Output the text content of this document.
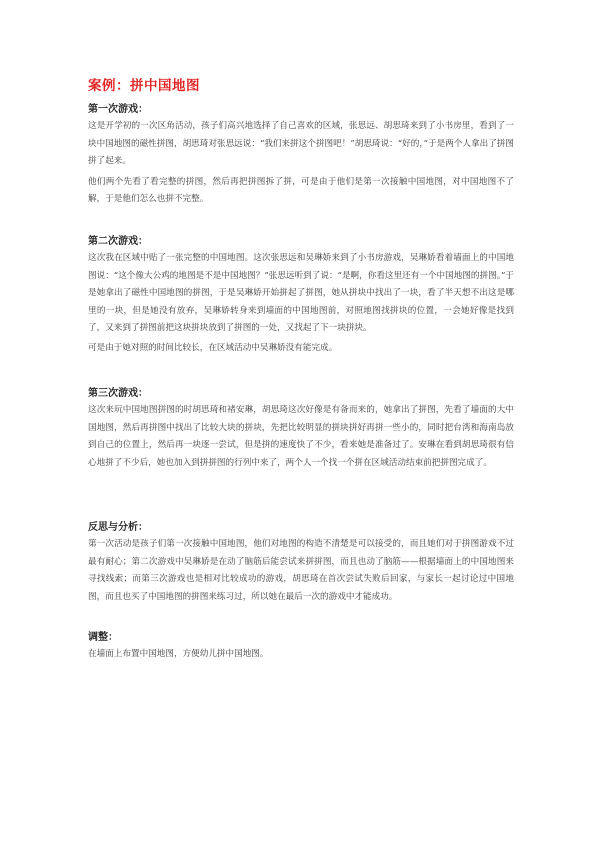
案例：拼中国地图

第一次游戏：

这是开学初的一次区角活动，孩子们高兴地选择了自己喜欢的区域，张思远、胡思琦来到了小书房里，看到了一块中国地图的磁性拼图，胡思琦对张思远说：“我们来拼这个拼图吧！”胡思琦说：“好的，”于是两个人拿出了拼图拼了起来。

他们两个先看了看完整的拼图，然后再把拼图拆了拼，可是由于他们是第一次接触中国地图，对中国地图不了解，于是他们怎么也拼不完整。

第二次游戏：

这次我在区域中贴了一张完整的中国地图。这次张思远和吴琳娇来到了小书房游戏，吴琳娇看着墙面上的中国地图说：“这个像大公鸡的地图是不是中国地图？”张思远听到了说：“是啊，你看这里还有一个中国地图的拼图。”于是她拿出了磁性中国地图的拼图，于是吴琳娇开始拼起了拼图，她从拼块中找出了一块，看了半天想不出这是哪里的一块，但是她没有放弃，吴琳娇转身来到墙面的中国地图前，对照地图找拼块的位置，一会她好像是找到了，又来到了拼图前把这块拼块放到了拼图的一处，又找起了下一块拼块。

可是由于她对照的时间比较长，在区域活动中吴琳娇没有能完成。

第三次游戏：

这次来玩中国地图拼图的时胡思琦和褚安琳，胡思琦这次好像是有备而来的，她拿出了拼图，先看了墙面的大中国地图，然后再拼图中找出了比较大块的拼块，先把比较明显的拼块拼好再拼一些小的，同时把台湾和海南岛放到自己的位置上，然后再一块逐一尝试，但是拼的速度快了不少，看来她是准备过了。安琳在看到胡思琦很有信心地拼了不少后，她也加入到拼拼图的行列中来了，两个人一个找一个拼在区域活动结束前把拼图完成了。

反思与分析：

第一次活动是孩子们第一次接触中国地图，他们对地图的构造不清楚是可以接受的，而且她们对于拼图游戏不过最有耐心；第二次游戏中吴琳娇是在动了脑筋后能尝试来拼拼图，而且也动了脑筋——根据墙面上的中国地图来寻找线索；而第三次游戏也是相对比较成功的游戏，胡思琦在首次尝试失败后回家，与家长一起讨论过中国地图，而且也买了中国地图的拼图来练习过，所以她在最后一次的游戏中才能成功。

调整：

在墙面上布置中国地图，方便幼儿拼中国地图。
